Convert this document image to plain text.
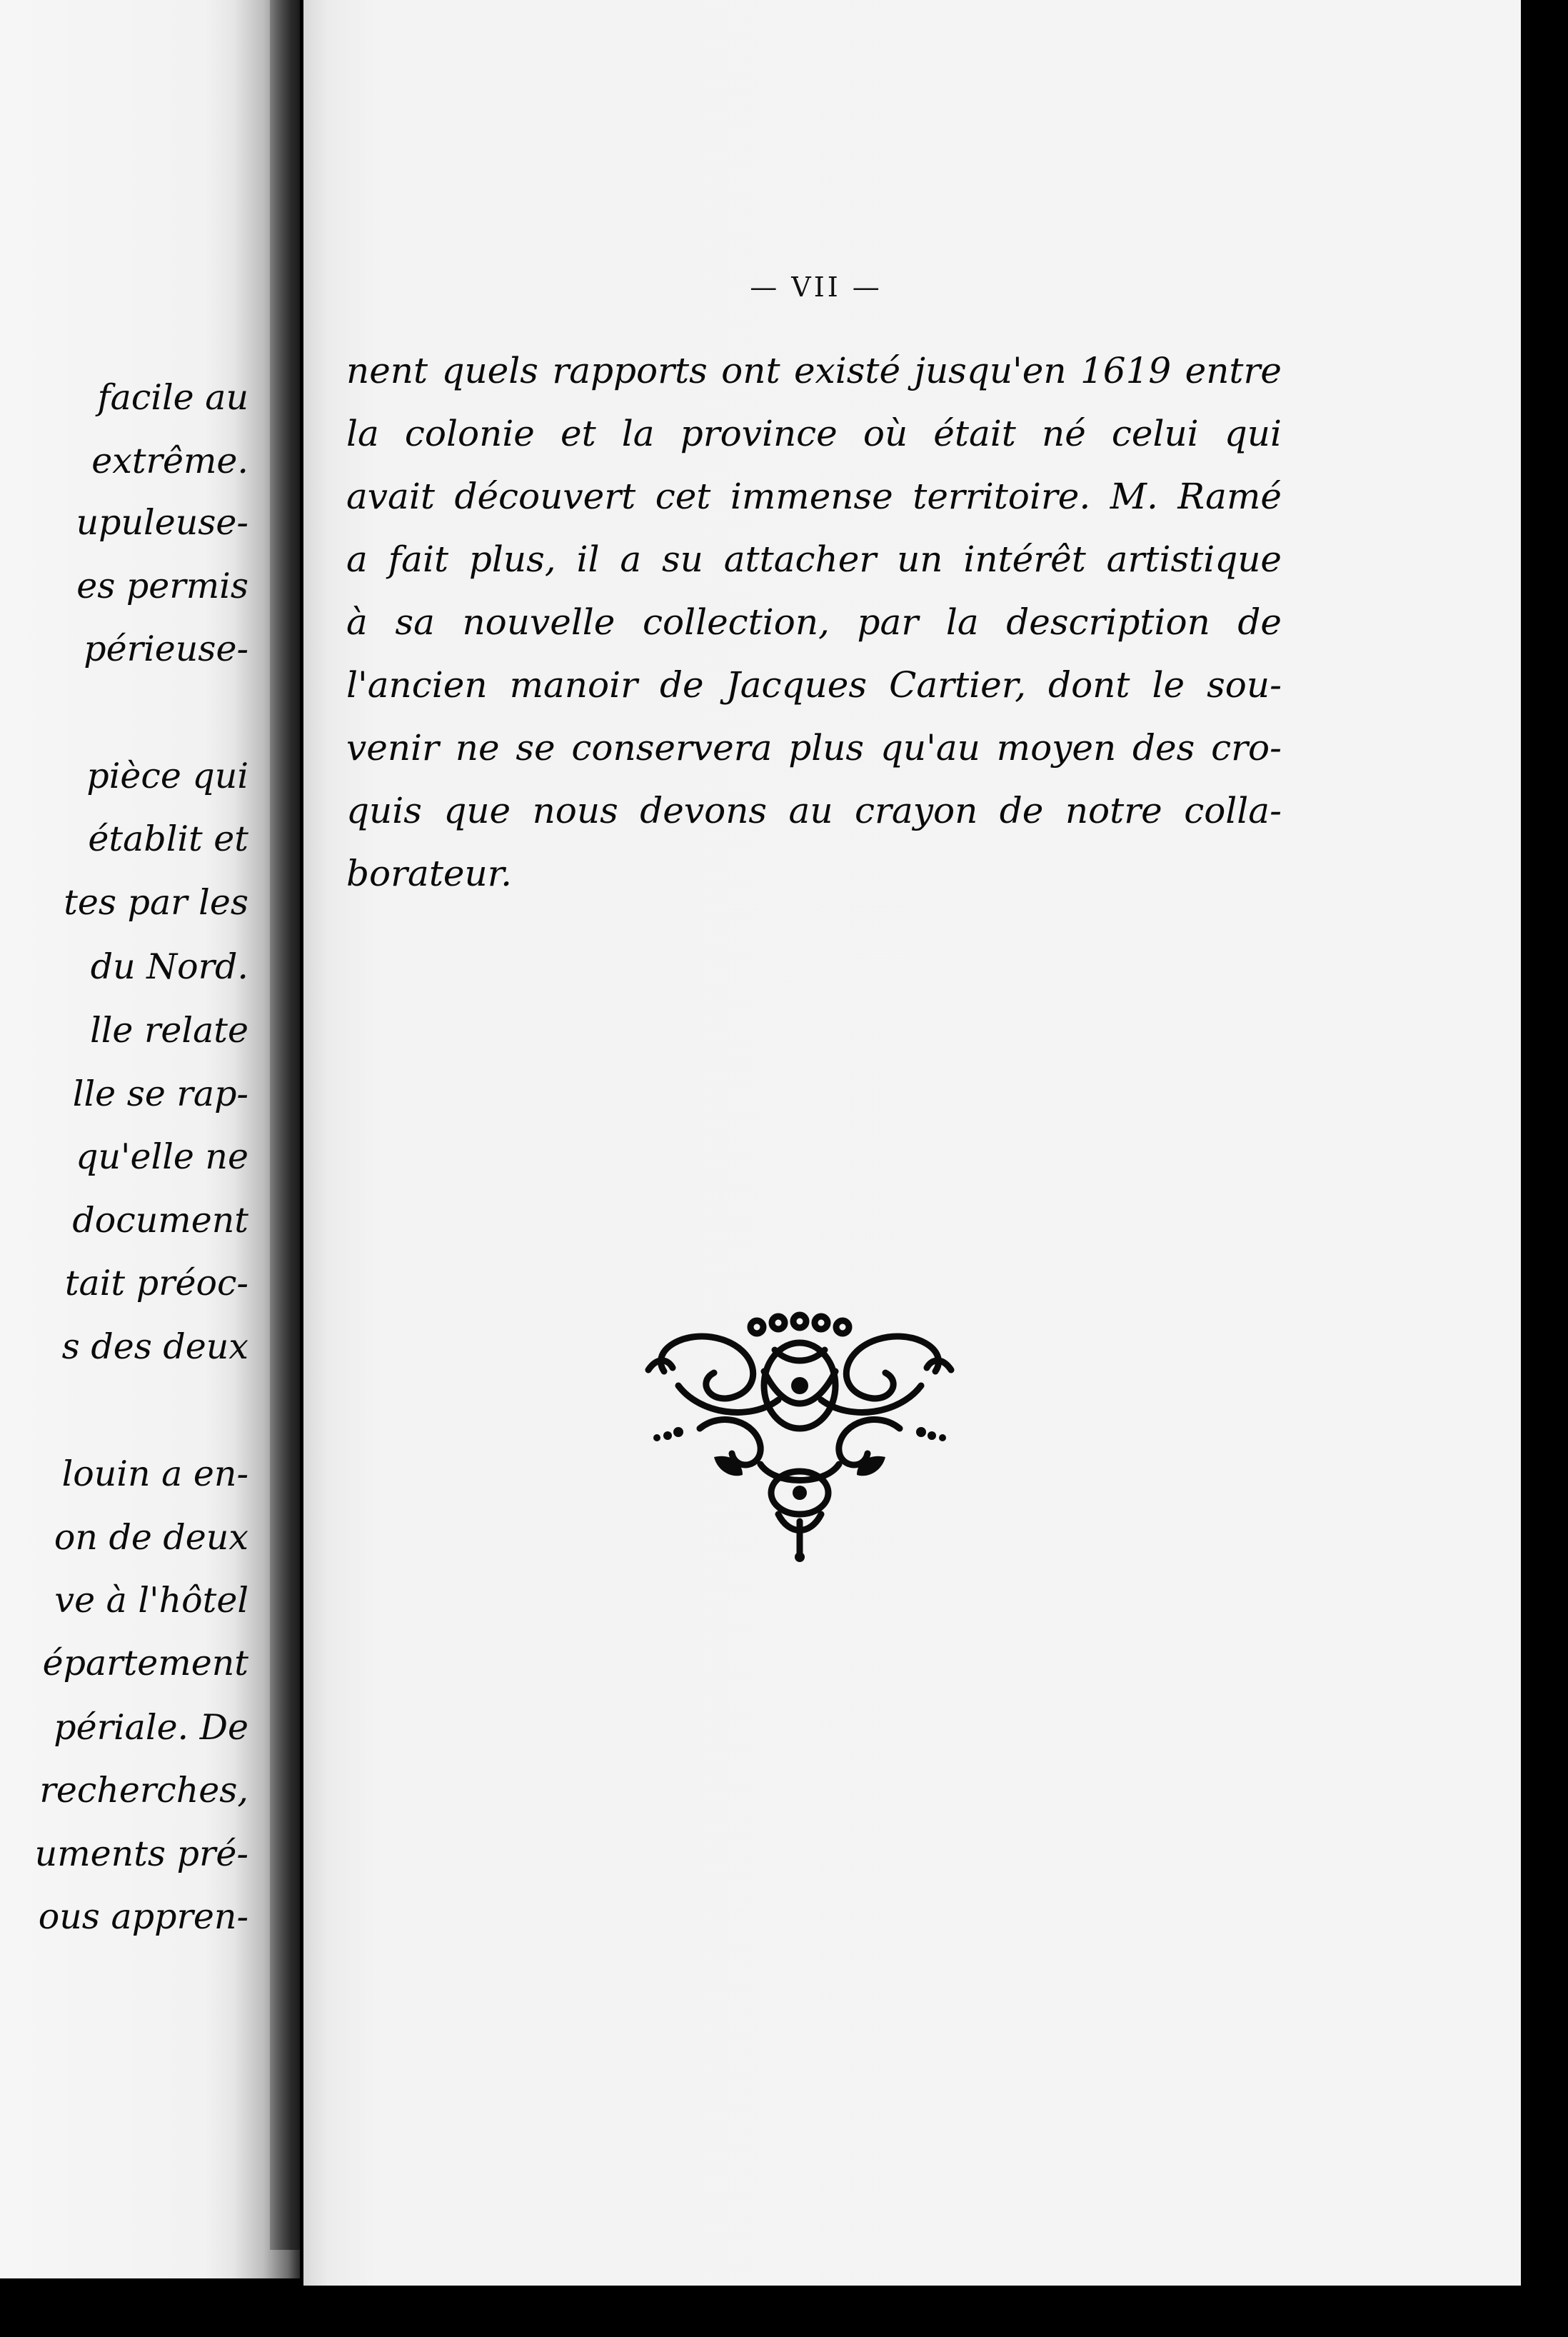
facile au
extrême.
upuleuse-
es permis
périeuse-
pièce qui
établit et
tes par les
du Nord.
lle relate
lle se rap-
qu'elle ne
document
tait préoc-
s des deux
louin a en-
on de deux
ve à l'hôtel
épartement
périale. De
recherches,
uments pré-
ous appren-
— VII —
nent quels rapports ont existé jusqu'en 1619 entre
la colonie et la province où était né celui qui
avait découvert cet immense territoire. M. Ramé
a fait plus, il a su attacher un intérêt artistique
à sa nouvelle collection, par la description de
l'ancien manoir de Jacques Cartier, dont le sou-
venir ne se conservera plus qu'au moyen des cro-
quis que nous devons au crayon de notre colla-
borateur.
